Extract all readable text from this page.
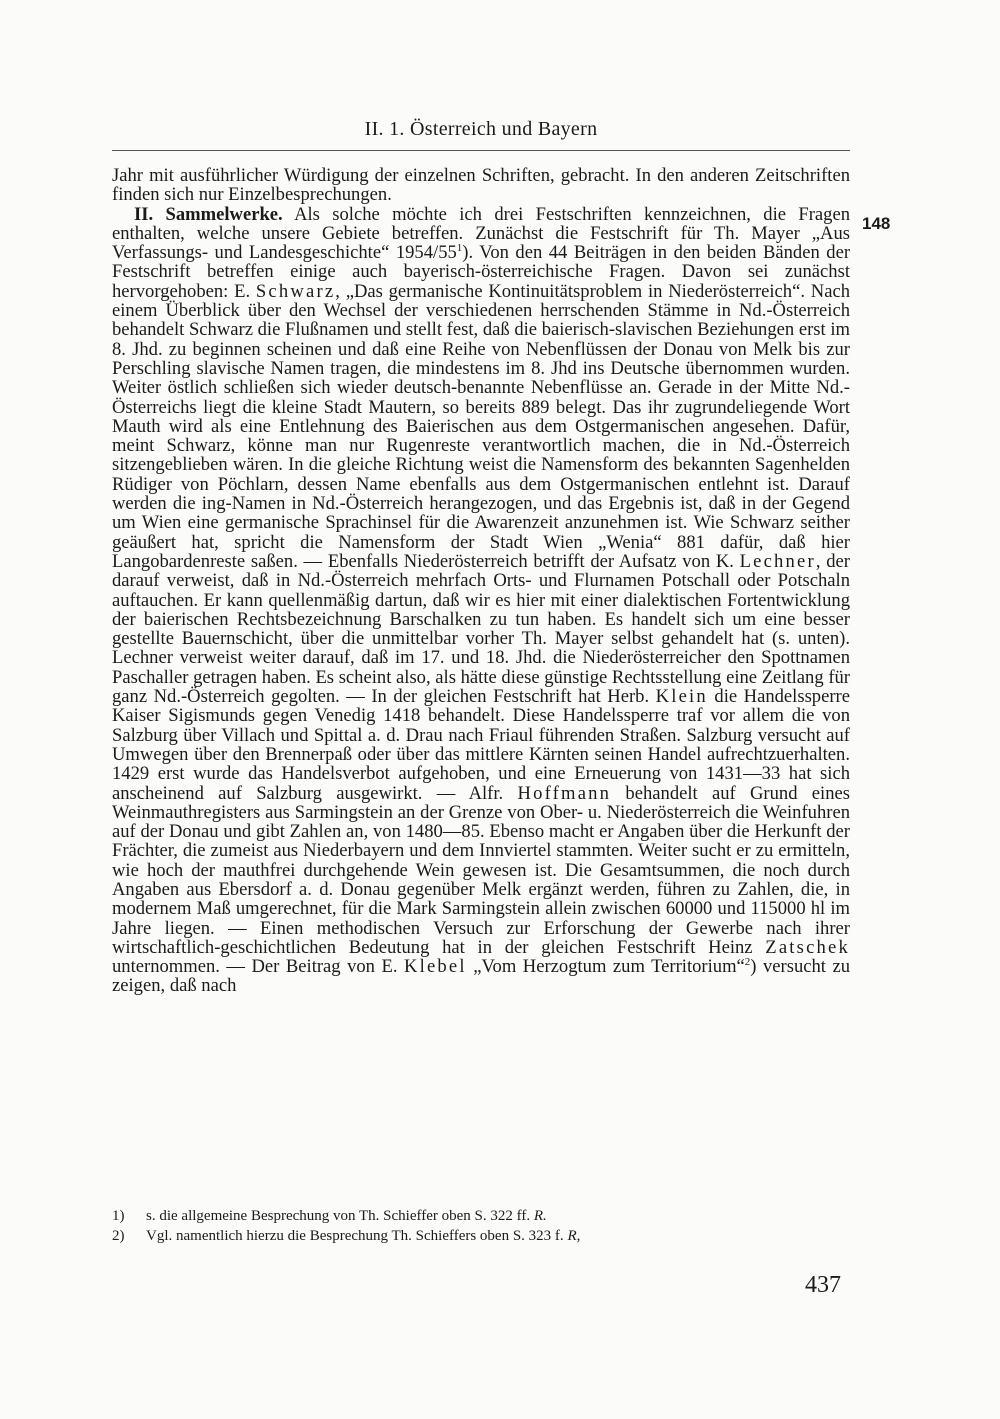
II. 1. Österreich und Bayern
148

Jahr mit ausführlicher Würdigung der einzelnen Schriften, gebracht. In den anderen Zeitschriften finden sich nur Einzelbesprechungen.

II. Sammelwerke. Als solche möchte ich drei Festschriften kennzeichnen, die Fragen enthalten, welche unsere Gebiete betreffen. Zunächst die Festschrift für Th. Mayer „Aus Verfassungs- und Landesgeschichte“ $1954/55^1$). Von den 44 Beiträgen in den beiden Bänden der Festschrift betreffen einige auch bayerisch-österreichische Fragen. Davon sei zunächst hervorgehoben: E. Schwarz, „Das germanische Kontinuitätsproblem in Niederösterreich“. Nach einem Überblick über den Wechsel der verschiedenen herrschenden Stämme in Nd.-Österreich behandelt Schwarz die Flußnamen und stellt fest, daß die baierisch-slavischen Beziehungen erst im 8. Jhd. zu beginnen scheinen und daß eine Reihe von Nebenflüssen der Donau von Melk bis zur Perschling slavische Namen tragen, die mindestens im 8. Jhd ins Deutsche übernommen wurden. Weiter östlich schließen sich wieder deutsch-benannte Nebenflüsse an. Gerade in der Mitte Nd.-Österreichs liegt die kleine Stadt Mautern, so bereits 889 belegt. Das ihr zugrundeliegende Wort Mauth wird als eine Entlehnung des Baierischen aus dem Ostgermanischen angesehen. Dafür, meint Schwarz, könne man nur Rugenreste verantwortlich machen, die in Nd.-Österreich sitzengeblieben wären. In die gleiche Richtung weist die Namensform des bekannten Sagenhelden Rüdiger von Pöchlarn, dessen Name ebenfalls aus dem Ostgermanischen entlehnt ist. Darauf werden die ing-Namen in Nd.-Österreich herangezogen, und das Ergebnis ist, daß in der Gegend um Wien eine germanische Sprachinsel für die Awarenzeit anzunehmen ist. Wie Schwarz seither geäußert hat, spricht die Namensform der Stadt Wien „Wenia“ 881 dafür, daß hier Langobardenreste saßen. — Ebenfalls Niederösterreich betrifft der Aufsatz von K. Lechner, der darauf verweist, daß in Nd.-Österreich mehrfach Orts- und Flurnamen Potschall oder Potschaln auftauchen. Er kann quellenmäßig dartun, daß wir es hier mit einer dialektischen Fortentwicklung der baierischen Rechtsbezeichnung Barschalken zu tun haben. Es handelt sich um eine besser gestellte Bauernschicht, über die unmittelbar vorher Th. Mayer selbst gehandelt hat (s. unten). Lechner verweist weiter darauf, daß im 17. und 18. Jhd. die Niederösterreicher den Spottnamen Paschaller getragen haben. Es scheint also, als hätte diese günstige Rechtsstellung eine Zeitlang für ganz Nd.-Österreich gegolten. — In der gleichen Festschrift hat Herb. Klein die Handelssperre Kaiser Sigismunds gegen Venedig 1418 behandelt. Diese Handelssperre traf vor allem die von Salzburg über Villach und Spittal a. d. Drau nach Friaul führenden Straßen. Salzburg versucht auf Umwegen über den Brennerpaß oder über das mittlere Kärnten seinen Handel aufrechtzuerhalten. 1429 erst wurde das Handelsverbot aufgehoben, und eine Erneuerung von 1431—33 hat sich anscheinend auf Salzburg ausgewirkt. — Alfr. Hoffmann behandelt auf Grund eines Weinmauthregisters aus Sarmingstein an der Grenze von Ober- u. Niederösterreich die Weinfuhren auf der Donau und gibt Zahlen an, von 1480—85. Ebenso macht er Angaben über die Herkunft der Frächter, die zumeist aus Niederbayern und dem Innviertel stammten. Weiter sucht er zu ermitteln, wie hoch der mauthfrei durchgehende Wein gewesen ist. Die Gesamtsummen, die noch durch Angaben aus Ebersdorf a. d. Donau gegenüber Melk ergänzt werden, führen zu Zahlen, die, in modernem Maß umgerechnet, für die Mark Sarmingstein allein zwischen 60000 und 115000 hl im Jahre liegen. — Einen methodischen Versuch zur Erforschung der Gewerbe nach ihrer wirtschaftlich-geschichtlichen Bedeutung hat in der gleichen Festschrift Heinz Zatschek unternommen. — Der Beitrag von E. Klebel „Vom Herzogtum zum Territorium“$^2$) versucht zu zeigen, daß nach

1)	s. die allgemeine Besprechung von Th. Schieffer oben S. 322 ff. R.
2)	Vgl. namentlich hierzu die Besprechung Th. Schieffers oben S. 323 f. R,
437
